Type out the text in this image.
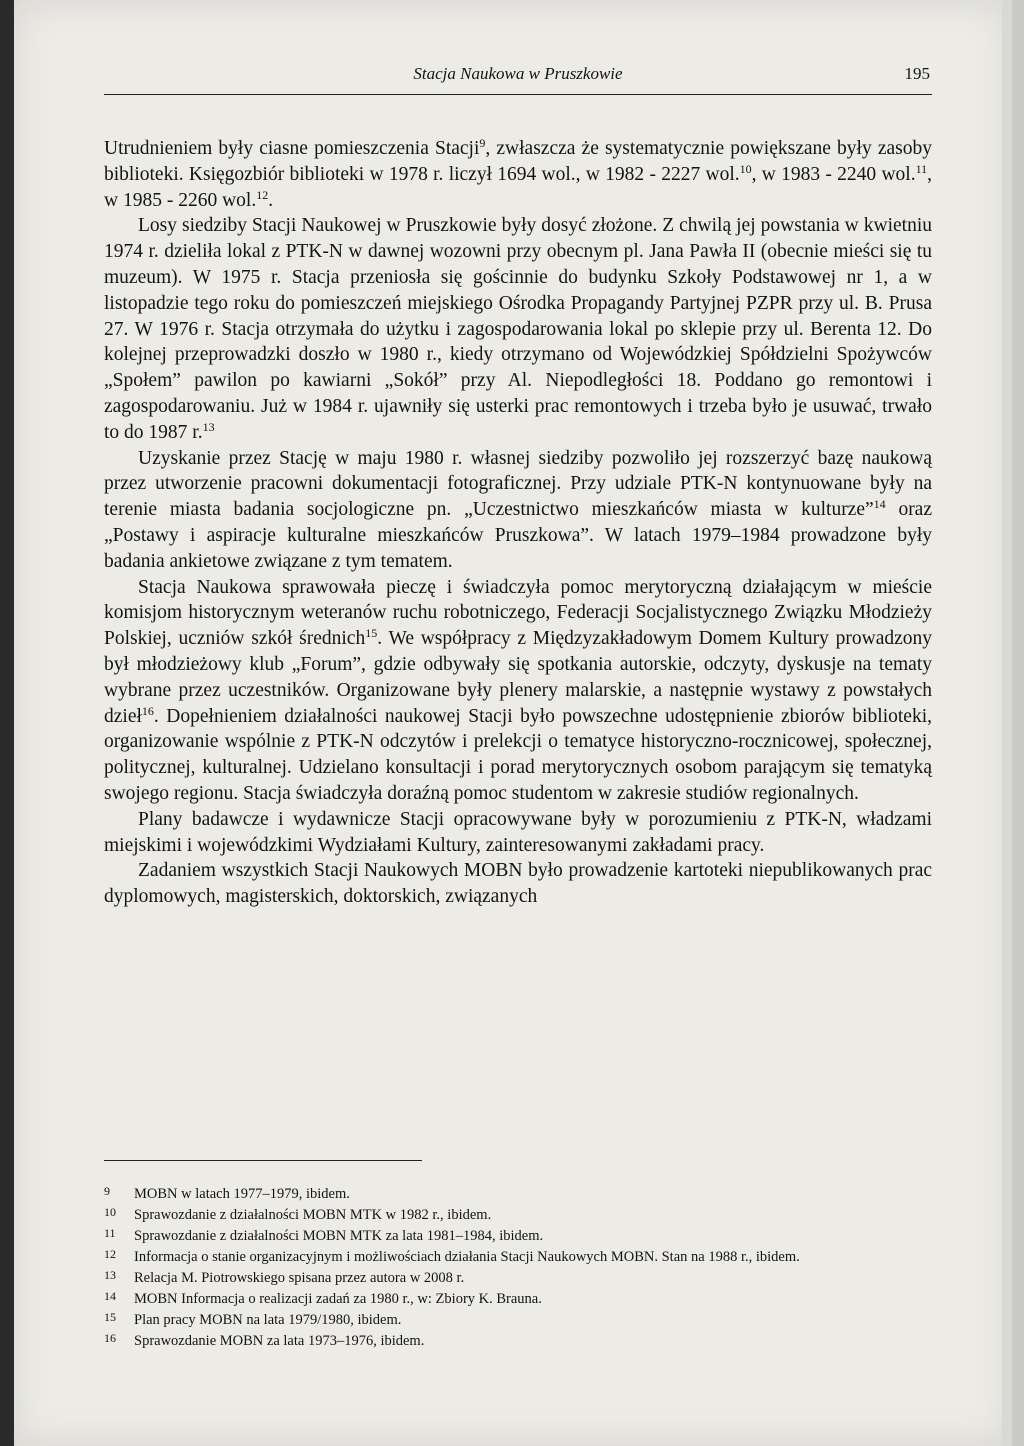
Stacja Naukowa w Pruszkowie	195

Utrudnieniem były ciasne pomieszczenia Stacji$^9$, zwłaszcza że systematycznie powiększane były zasoby biblioteki. Księgozbiór biblioteki w 1978 r. liczył 1694 wol., w 1982 - 2227 wol.$^{10}$, w 1983 - 2240 wol.$^{11}$, w 1985 - 2260 wol.$^{12}$.

Losy siedziby Stacji Naukowej w Pruszkowie były dosyć złożone. Z chwilą jej powstania w kwietniu 1974 r. dzieliła lokal z PTK-N w dawnej wozowni przy obecnym pl. Jana Pawła II (obecnie mieści się tu muzeum). W 1975 r. Stacja przeniosła się gościnnie do budynku Szkoły Podstawowej nr 1, a w listopadzie tego roku do pomieszczeń miejskiego Ośrodka Propagandy Partyjnej PZPR przy ul. B. Prusa 27. W 1976 r. Stacja otrzymała do użytku i zagospodarowania lokal po sklepie przy ul. Berenta 12. Do kolejnej przeprowadzki doszło w 1980 r., kiedy otrzymano od Wojewódzkiej Spółdzielni Spożywców „Społem” pawilon po kawiarni „Sokół” przy Al. Niepodległości 18. Poddano go remontowi i zagospodarowaniu. Już w 1984 r. ujawniły się usterki prac remontowych i trzeba było je usuwać, trwało to do 1987 r.$^{13}$

Uzyskanie przez Stację w maju 1980 r. własnej siedziby pozwoliło jej rozszerzyć bazę naukową przez utworzenie pracowni dokumentacji fotograficznej. Przy udziale PTK-N kontynuowane były na terenie miasta badania socjologiczne pn. „Uczestnictwo mieszkańców miasta w kulturze”$^{14}$ oraz „Postawy i aspiracje kulturalne mieszkańców Pruszkowa”. W latach 1979–1984 prowadzone były badania ankietowe związane z tym tematem.

Stacja Naukowa sprawowała pieczę i świadczyła pomoc merytoryczną działającym w mieście komisjom historycznym weteranów ruchu robotniczego, Federacji Socjalistycznego Związku Młodzieży Polskiej, uczniów szkół średnich$^{15}$. We współpracy z Międzyzakładowym Domem Kultury prowadzony był młodzieżowy klub „Forum”, gdzie odbywały się spotkania autorskie, odczyty, dyskusje na tematy wybrane przez uczestników. Organizowane były plenery malarskie, a następnie wystawy z powstałych dzieł$^{16}$. Dopełnieniem działalności naukowej Stacji było powszechne udostępnienie zbiorów biblioteki, organizowanie wspólnie z PTK-N odczytów i prelekcji o tematyce historyczno-rocznicowej, społecznej, politycznej, kulturalnej. Udzielano konsultacji i porad merytorycznych osobom parającym się tematyką swojego regionu. Stacja świadczyła doraźną pomoc studentom w zakresie studiów regionalnych.

Plany badawcze i wydawnicze Stacji opracowywane były w porozumieniu z PTK-N, władzami miejskimi i wojewódzkimi Wydziałami Kultury, zainteresowanymi zakładami pracy.

Zadaniem wszystkich Stacji Naukowych MOBN było prowadzenie kartoteki niepublikowanych prac dyplomowych, magisterskich, doktorskich, związanych

9 MOBN w latach 1977–1979, ibidem.

10 Sprawozdanie z działalności MOBN MTK w 1982 r., ibidem.

11 Sprawozdanie z działalności MOBN MTK za lata 1981–1984, ibidem.

12 Informacja o stanie organizacyjnym i możliwościach działania Stacji Naukowych MOBN. Stan na 1988 r., ibidem.

13 Relacja M. Piotrowskiego spisana przez autora w 2008 r.

14 MOBN Informacja o realizacji zadań za 1980 r., w: Zbiory K. Brauna.

15 Plan pracy MOBN na lata 1979/1980, ibidem.

16 Sprawozdanie MOBN za lata 1973–1976, ibidem.
